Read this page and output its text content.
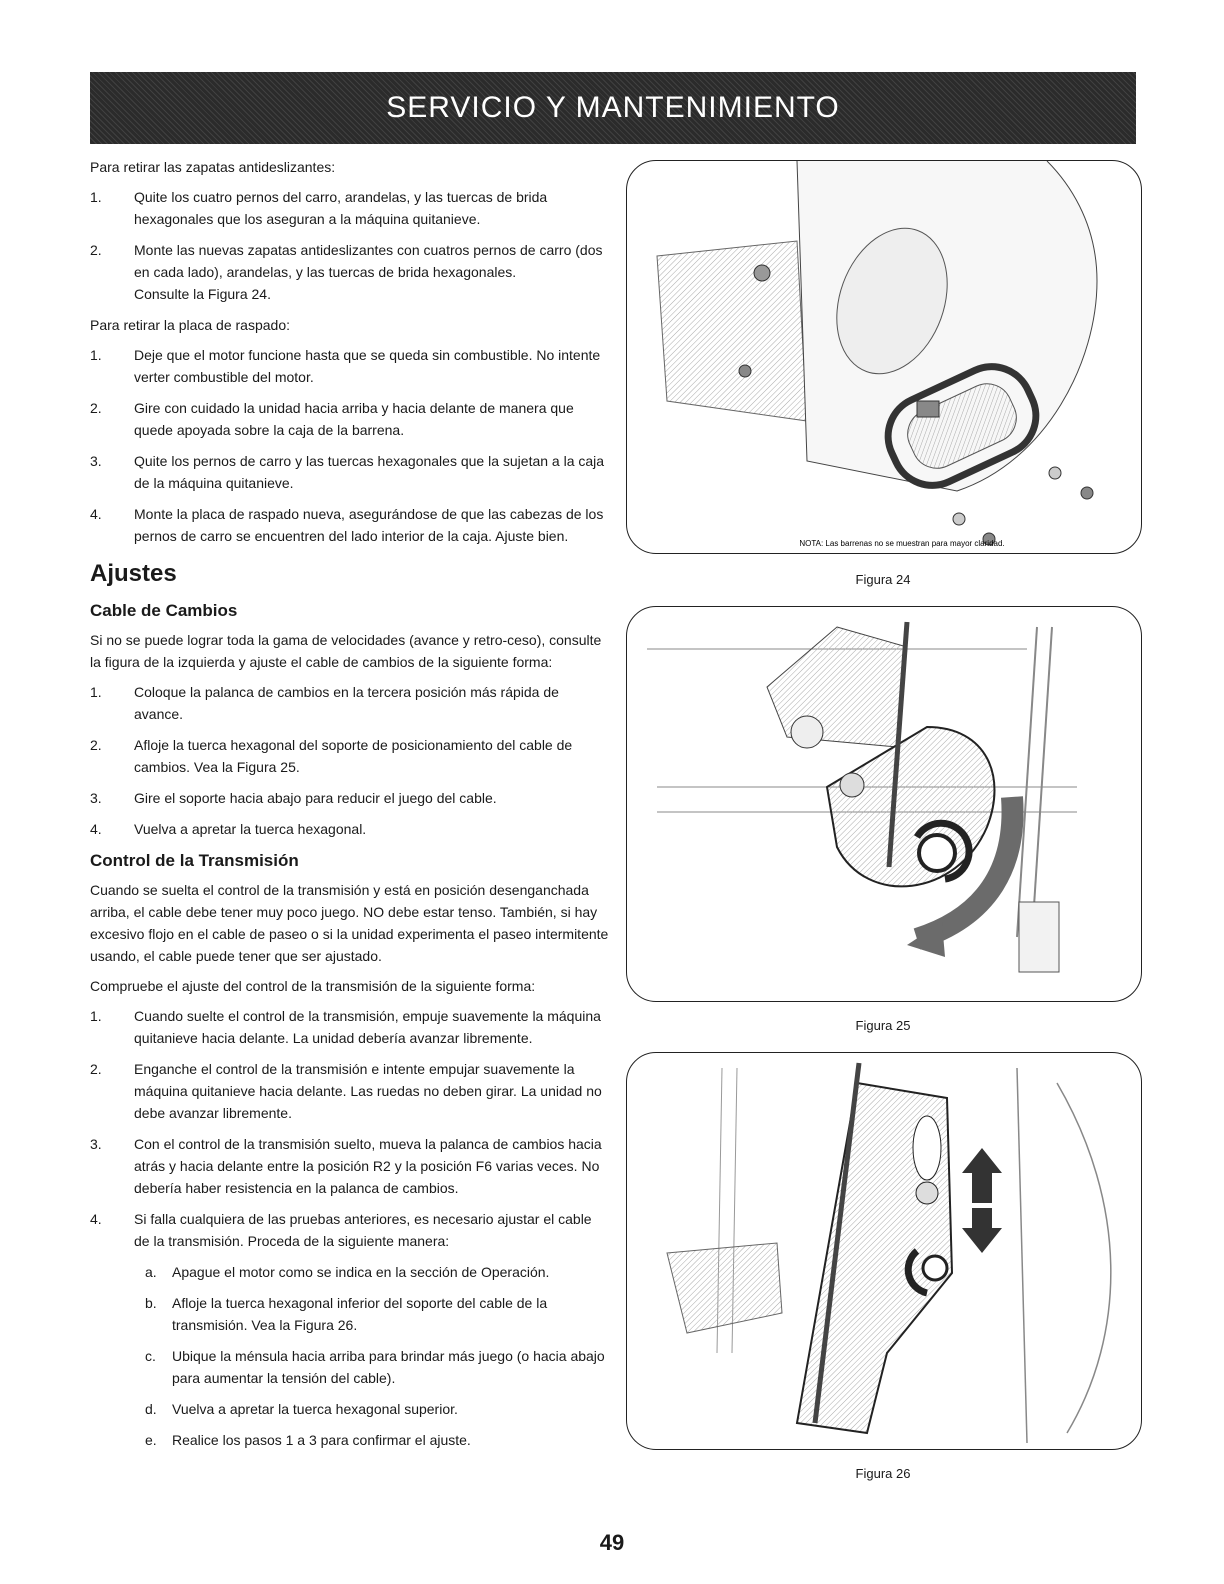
SERVICIO Y MANTENIMIENTO

Para retirar las zapatas antideslizantes:

1.	Quite los cuatro pernos del carro, arandelas, y las tuercas de brida hexagonales que los aseguran a la máquina quitanieve.
2.	Monte las nuevas zapatas antideslizantes con cuatros pernos de carro (dos en cada lado), arandelas, y las tuercas de brida hexagonales.
Consulte la Figura 24.

Para retirar la placa de raspado:

1.	Deje que el motor funcione hasta que se queda sin combustible. No intente verter combustible del motor.
2.	Gire con cuidado la unidad hacia arriba y hacia delante de manera que quede apoyada sobre la caja de la barrena.
3.	Quite los pernos de carro y las tuercas hexagonales que la sujetan a la caja de la máquina quitanieve.
4.	Monte la placa de raspado nueva, asegurándose de que las cabezas de los pernos de carro se encuentren del lado interior de la caja. Ajuste bien.
Ajustes
Cable de Cambios

Si no se puede lograr toda la gama de velocidades (avance y retro-ceso), consulte la figura de la izquierda y ajuste el cable de cambios de la siguiente forma:

1.	Coloque la palanca de cambios en la tercera posición más rápida de avance.
2.	Afloje la tuerca hexagonal del soporte de posicionamiento del cable de cambios. Vea la Figura 25.
3.	Gire el soporte hacia abajo para reducir el juego del cable.
4.	Vuelva a apretar la tuerca hexagonal.
Control de la Transmisión

Cuando se suelta el control de la transmisión y está en posición desenganchada arriba, el cable debe tener muy poco juego. NO debe estar tenso. También, si hay excesivo flojo en el cable de paseo o si la unidad experimenta el paseo intermitente usando, el cable puede tener que ser ajustado.

Compruebe el ajuste del control de la transmisión de la siguiente forma:

1.	Cuando suelte el control de la transmisión, empuje suavemente la máquina quitanieve hacia delante. La unidad debería avanzar libremente.
2.	Enganche el control de la transmisión e intente empujar suavemente la máquina quitanieve hacia delante. Las ruedas no deben girar. La unidad no debe avanzar libremente.
3.	Con el control de la transmisión suelto, mueva la palanca de cambios hacia atrás y hacia delante entre la posición R2 y la posición F6 varias veces. No debería haber resistencia en la palanca de cambios.
4.	Si falla cualquiera de las pruebas anteriores, es necesario ajustar el cable de la transmisión. Proceda de la siguiente manera:
a.	Apague el motor como se indica en la sección de Operación.
b.	Afloje la tuerca hexagonal inferior del soporte del cable de la transmisión. Vea la Figura 26.
c.	Ubique la ménsula hacia arriba para brindar más juego (o hacia abajo para aumentar la tensión del cable).
d.	Vuelva a apretar la tuerca hexagonal superior.
e.	Realice los pasos 1 a 3 para confirmar el ajuste.
NOTA: Las barrenas no se muestran para mayor claridad.
Figura 24
Figura 25
Figura 26
49
